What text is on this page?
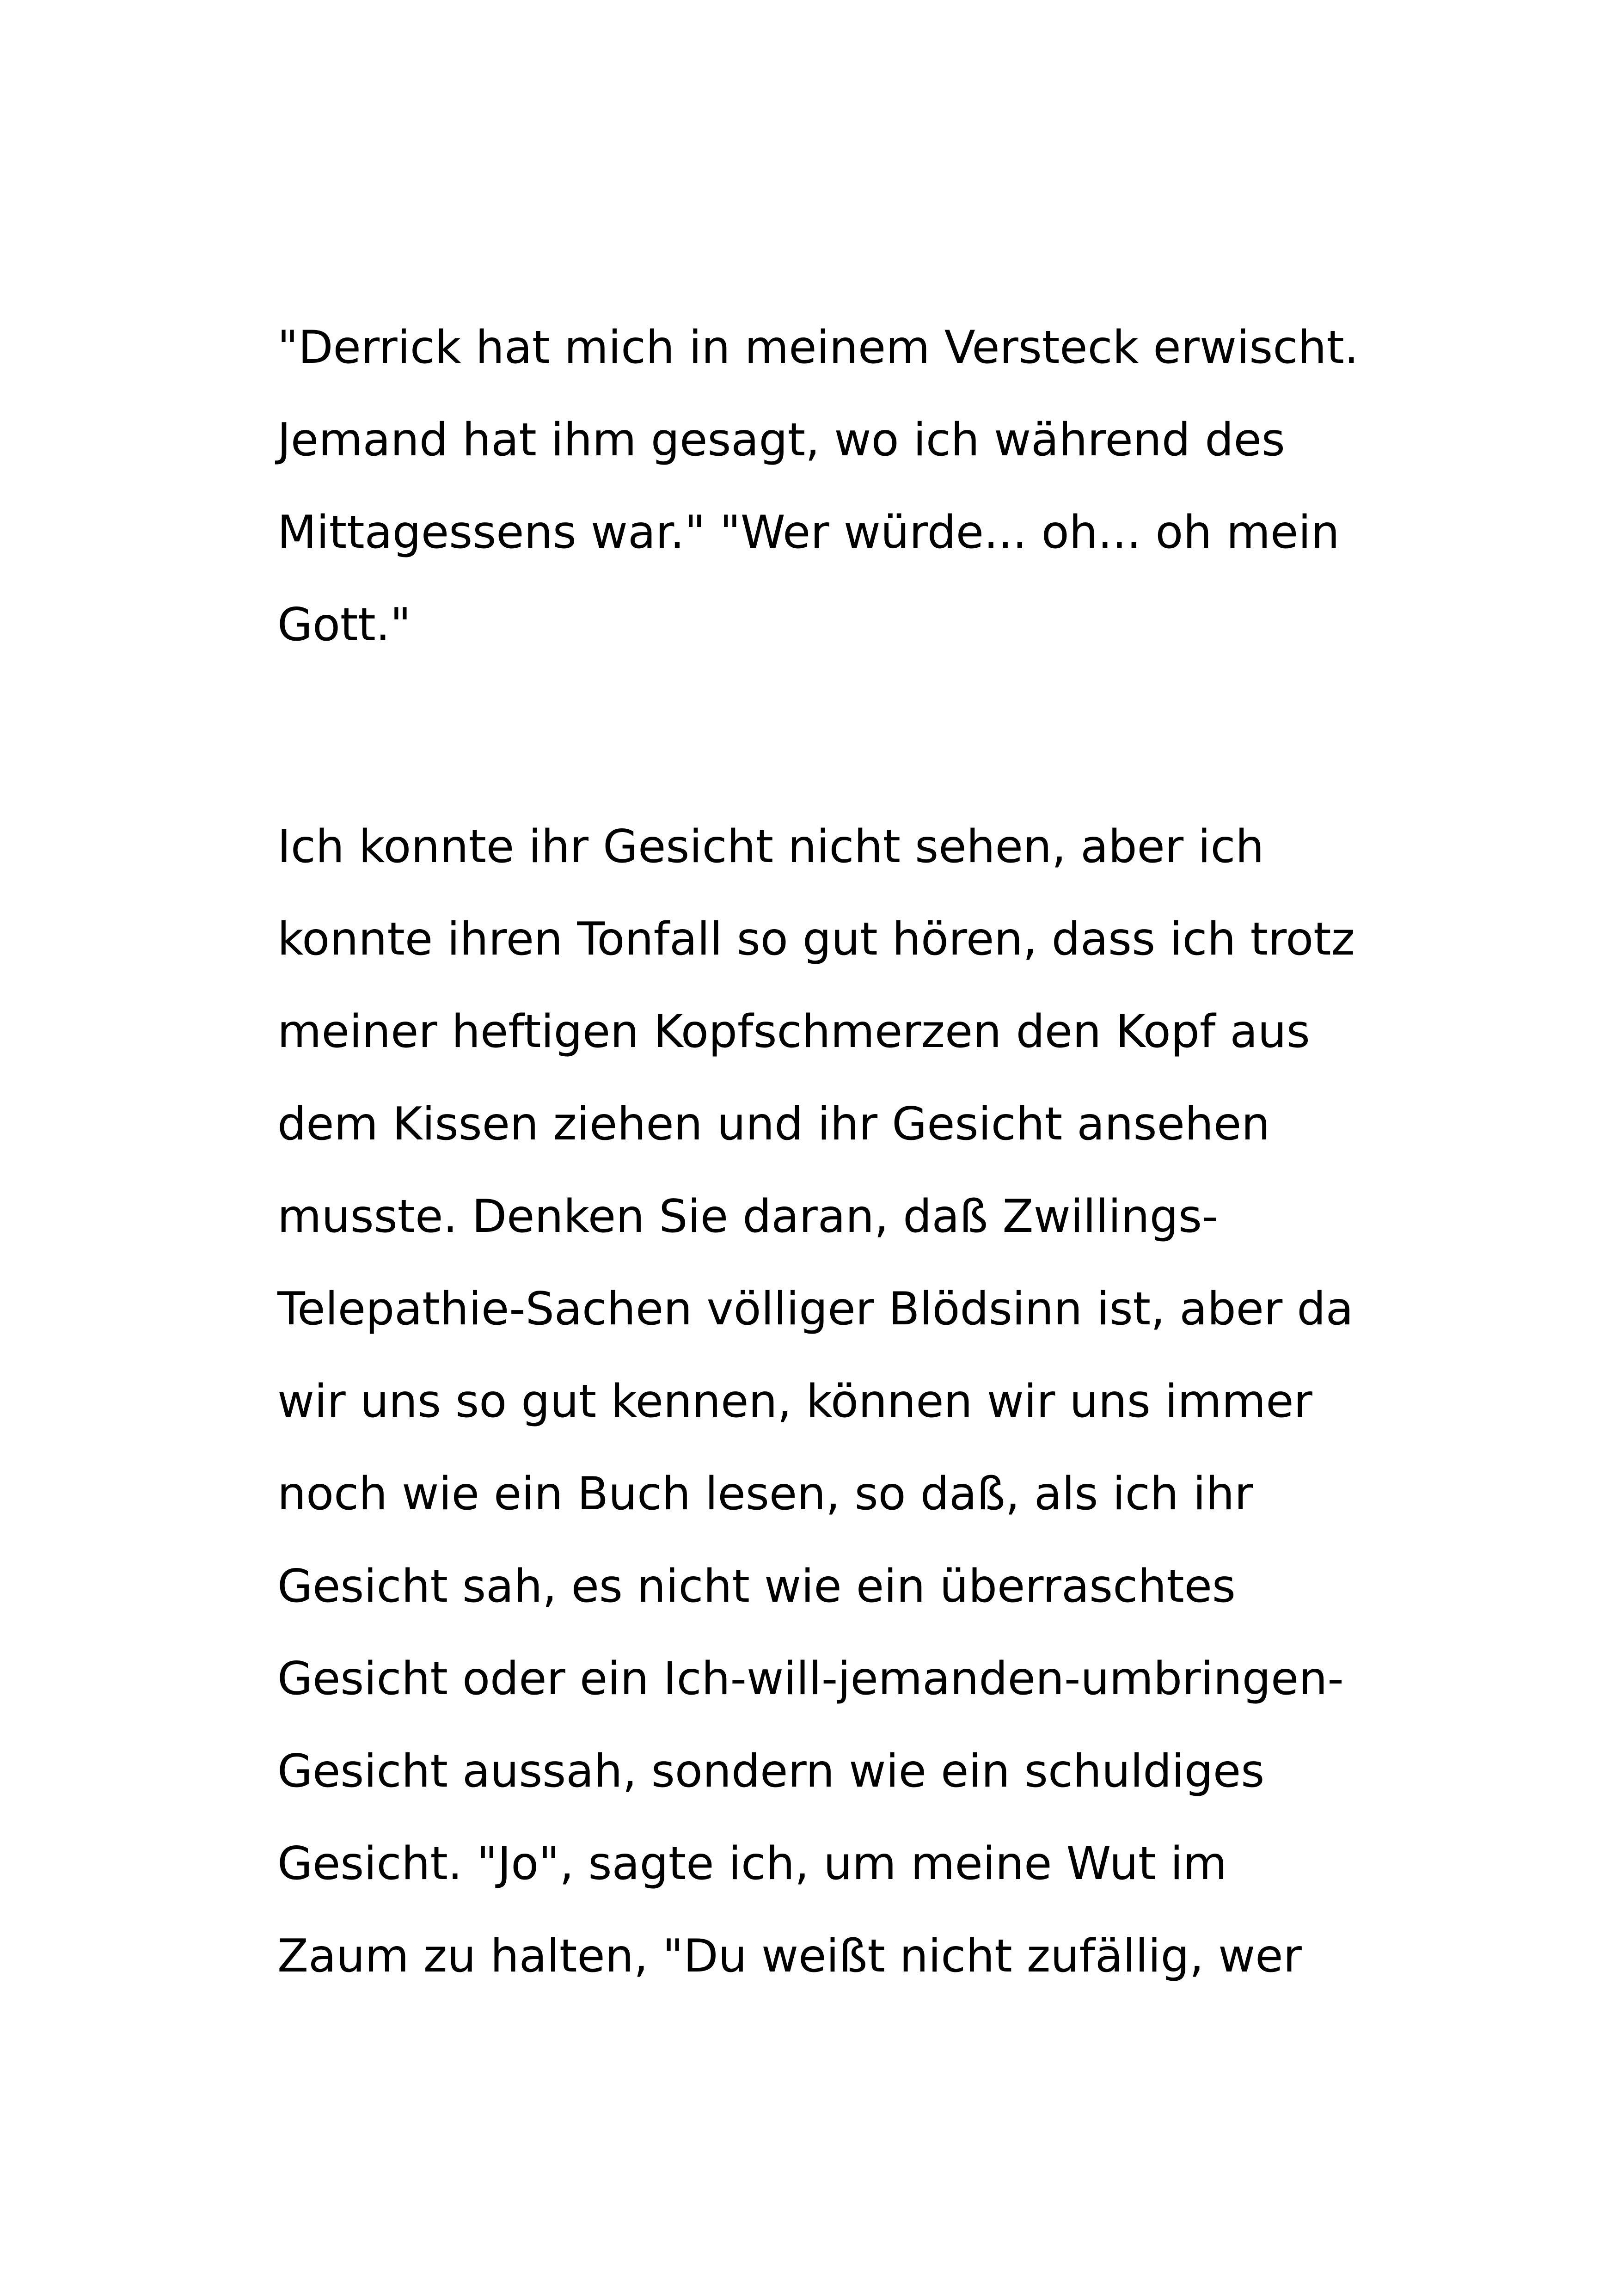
"Derrick hat mich in meinem Versteck erwischt.
Jemand hat ihm gesagt, wo ich während des
Mittagessens war." "Wer würde... oh... oh mein
Gott."

Ich konnte ihr Gesicht nicht sehen, aber ich
konnte ihren Tonfall so gut hören, dass ich trotz
meiner heftigen Kopfschmerzen den Kopf aus
dem Kissen ziehen und ihr Gesicht ansehen
musste. Denken Sie daran, daß Zwillings-
Telepathie-Sachen völliger Blödsinn ist, aber da
wir uns so gut kennen, können wir uns immer
noch wie ein Buch lesen, so daß, als ich ihr
Gesicht sah, es nicht wie ein überraschtes
Gesicht oder ein Ich-will-jemanden-umbringen-
Gesicht aussah, sondern wie ein schuldiges
Gesicht. "Jo", sagte ich, um meine Wut im
Zaum zu halten, "Du weißt nicht zufällig, wer
